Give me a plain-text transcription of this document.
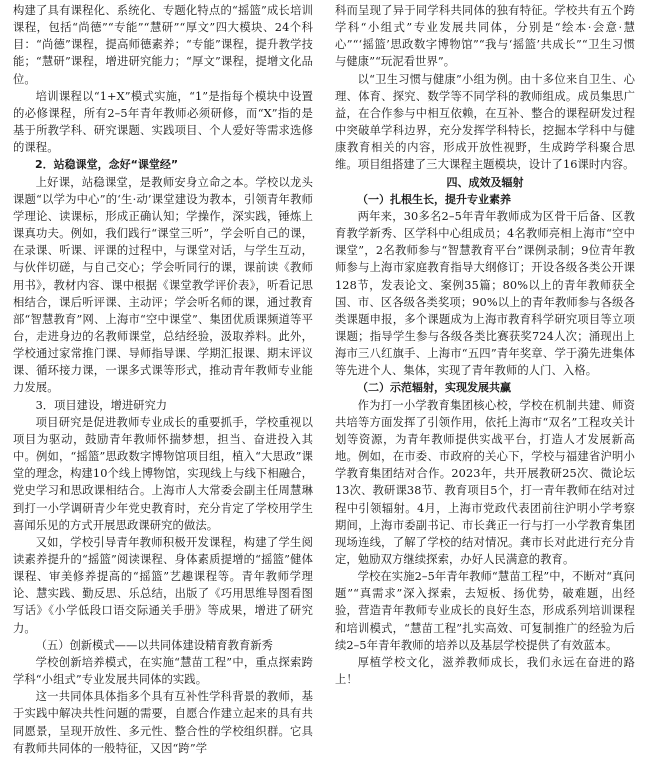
构建了具有课程化、系统化、专题化特点的“摇篮”成长培训课程，包括“尚德”“专能”“慧研”“厚文”四大模块、24个科目：“尚德”课程，提高师德素养；“专能”课程，提升教学技能；“慧研”课程，增进研究能力；“厚文”课程，提增文化品位。

培训课程以“1+X”模式实施，“1”是指每个模块中设置的必修课程，所有2–5年青年教师必须研修，而“X”指的是基于所教学科、研究课题、实践项目、个人爱好等需求选修的课程。

2．站稳课堂，念好“课堂经”

上好课，站稳课堂，是教师安身立命之本。学校以龙头课题“以学为中心”的‘生·动’课堂建设为教本，引领青年教师学理论、读课标，形成正确认知；学操作，深实践，锤炼上课真功夫。例如，我们践行“课堂三听”，学会听自己的课，在录课、听课、评课的过程中，与课堂对话，与学生互动，与伙伴切磋，与自己交心；学会听同行的课，课前读《教师用书》，教材内容、课中根据《课堂教学评价表》，听看记思相结合，课后听评课、主动评；学会听名师的课，通过教育部“智慧教育”网、上海市“空中课堂”、集团优质课频道等平台，走进身边的名教师课堂，总结经验，汲取养料。此外，学校通过家常推门课、导师指导课、学期汇报课、期末评议课、循环接力课，一课多式课等形式，推动青年教师专业能力发展。

3．项目建设，增进研究力

项目研究是促进教师专业成长的重要抓手，学校重视以项目为驱动，鼓励青年教师怀揣梦想，担当、奋进投入其中。例如，“摇篮”思政数字博物馆项目组，植入“大思政”课堂的理念，构建10个线上博物馆，实现线上与线下相融合，党史学习和思政课相结合。上海市人大常委会副主任周慧琳到打一小学调研青少年党史教育时，充分肯定了学校用学生喜闻乐见的方式开展思政课研究的做法。

又如，学校引导青年教师积极开发课程，构建了学生阅读素养提升的“摇篮”阅读课程、身体素质提增的“摇篮”健体课程、审美修养提高的“摇篮”艺趣课程等。青年教师学理论、慧实践、勤反思、乐总结，出版了《巧用思维导图看图写话》《小学低段口语交际通关手册》等成果，增进了研究力。

（五）创新模式——以共同体建设精育教育新秀

学校创新培养模式，在实施“慧苗工程”中，重点探索跨学科“小组式”专业发展共同体的实践。

这一共同体具体指多个具有互补性学科背景的教师，基于实践中解决共性问题的需要，自愿合作建立起来的具有共同愿景，呈现开放性、多元性、整合性的学校组织群。它具有教师共同体的一般特征，又因“跨”学

科而呈现了异于同学科共同体的独有特征。学校共有五个跨学科“小组式”专业发展共同体，分别是“绘本·会意·慧心”“‘摇篮’思政数字博物馆”“我与‘摇篮’共成长”“卫生习惯与健康”“玩泥看世界”。

以“卫生习惯与健康”小组为例。由十多位来自卫生、心理、体育、探究、数学等不同学科的教师组成。成员集思广益，在合作参与中相互依赖，在互补、整合的课程研发过程中突破单学科边界，充分发挥学科特长，挖掘本学科中与健康教育相关的内容，形成开放性视野，生成跨学科聚合思维。项目组搭建了三大课程主题模块，设计了16课时内容。

四、成效及辐射

（一）扎根生长，提升专业素养

两年来，30多名2–5年青年教师成为区骨干后备、区教育教学新秀、区学科中心组成员；4名教师亮相上海市“空中课堂”，2名教师参与“智慧教育平台”课例录制；9位青年教师参与上海市家庭教育指导大纲修订；开设各级各类公开课128节，发表论文、案例35篇；80%以上的青年教师获全国、市、区各级各类奖项；90%以上的青年教师参与各级各类课题申报，多个课题成为上海市教育科学研究项目等立项课题；指导学生参与各级各类比赛获奖724人次；涌现出上海市三八红旗手、上海市“五四”青年奖章、学于漪先进集体等先进个人、集体，实现了青年教师的人门、入格。

（二）示范辐射，实现发展共赢

作为打一小学教育集团核心校，学校在机制共建、师资共培等方面发挥了引领作用，依托上海市“双名”工程攻关计划等资源，为青年教师提供实战平台，打造人才发展新高地。例如，在市委、市政府的关心下，学校与福建省沪明小学教育集团结对合作。2023年，共开展教研25次、微论坛13次、教研课38节、教育项目5个，打一青年教师在结对过程中引领辐射。4月，上海市党政代表团前往沪明小学考察期间，上海市委副书记、市长龚正一行与打一小学教育集团现场连线，了解了学校的结对情况。龚市长对此进行充分肯定，勉励双方继续探索，办好人民满意的教育。

学校在实施2–5年青年教师“慧苗工程”中，不断对“真问题”“真需求”深入探索，去短板、扬优势，破难题，出经验，营造青年教师专业成长的良好生态，形成系列培训课程和培训模式，“慧苗工程”扎实高效、可复制推广的经验为后续2–5年青年教师的培养以及基层学校提供了有效蓝本。

厚植学校文化，滋养教师成长，我们永远在奋进的路上！
